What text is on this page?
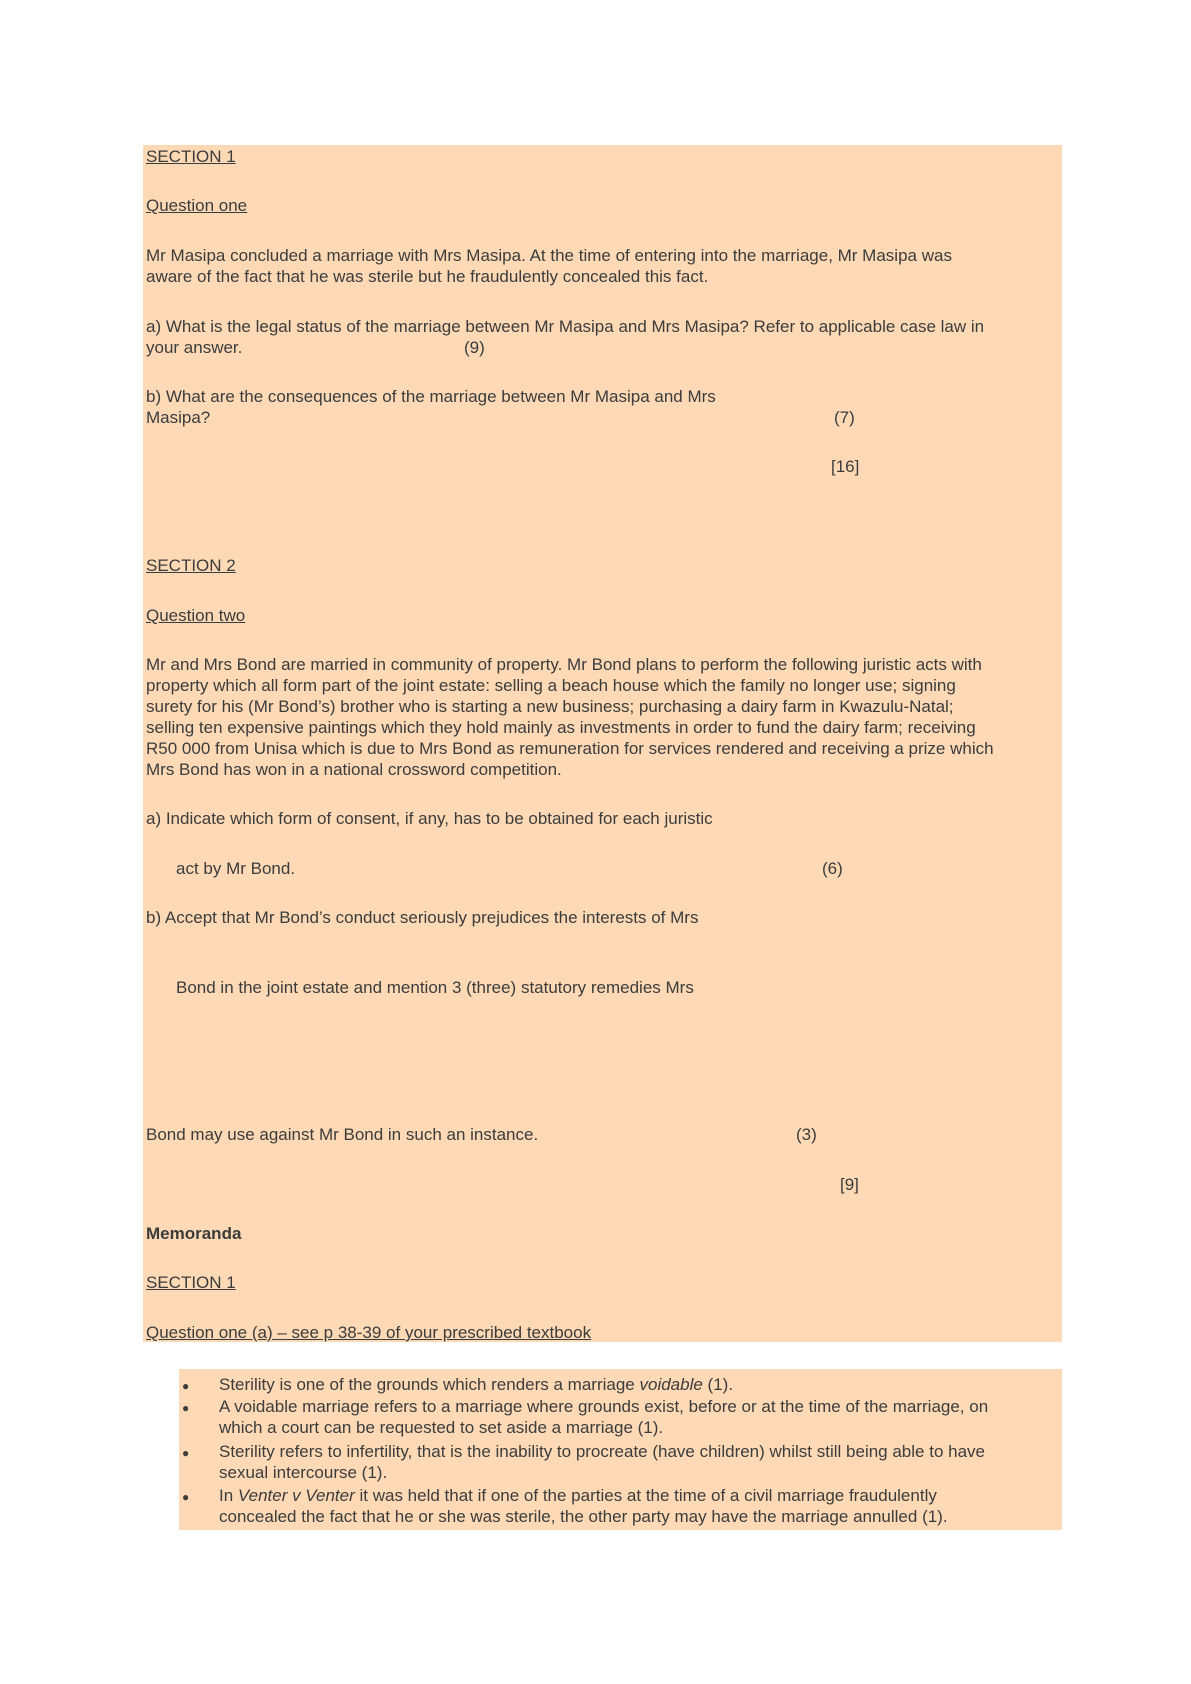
SECTION 1
Question one
Mr Masipa concluded a marriage with Mrs Masipa. At the time of entering into the marriage, Mr Masipa was
aware of the fact that he was sterile but he fraudulently concealed this fact.
a) What is the legal status of the marriage between Mr Masipa and Mrs Masipa? Refer to applicable case law in
your answer.	(9)
b) What are the consequences of the marriage between Mr Masipa and Mrs
Masipa?	(7)
[16]
SECTION 2
Question two
Mr and Mrs Bond are married in community of property. Mr Bond plans to perform the following juristic acts with
property which all form part of the joint estate: selling a beach house which the family no longer use; signing
surety for his (Mr Bond’s) brother who is starting a new business; purchasing a dairy farm in Kwazulu-Natal;
selling ten expensive paintings which they hold mainly as investments in order to fund the dairy farm; receiving
R50 000 from Unisa which is due to Mrs Bond as remuneration for services rendered and receiving a prize which
Mrs Bond has won in a national crossword competition.
a) Indicate which form of consent, if any, has to be obtained for each juristic
act by Mr Bond.	(6)
b) Accept that Mr Bond’s conduct seriously prejudices the interests of Mrs
Bond in the joint estate and mention 3 (three) statutory remedies Mrs
Bond may use against Mr Bond in such an instance.	(3)
[9]
Memoranda
SECTION 1
Question one (a) – see p 38-39 of your prescribed textbook
● Sterility is one of the grounds which renders a marriage voidable (1).
● A voidable marriage refers to a marriage where grounds exist, before or at the time of the marriage, on
which a court can be requested to set aside a marriage (1).
● Sterility refers to infertility, that is the inability to procreate (have children) whilst still being able to have
sexual intercourse (1).
● In Venter v Venter it was held that if one of the parties at the time of a civil marriage fraudulently
concealed the fact that he or she was sterile, the other party may have the marriage annulled (1).
